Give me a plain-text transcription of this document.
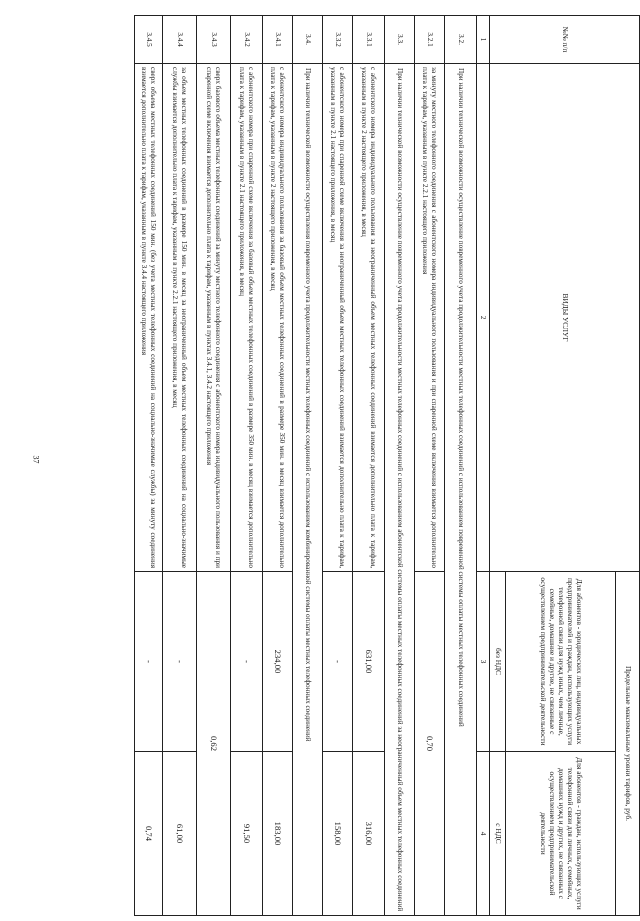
37
№№ п/п	ВИДЫ УСЛУГ	Предельные максимальные уровни тарифов, руб.	
		Для абонентов - юридических лиц, индивидуальных предпринимателей и граждан, использующих услуги телефонной связи для нужд иных, чем личные, семейные, домашние и другие, не связанные с осуществлением предпринимательской деятельности	Для абонентов - граждан, использующих услуги телефонной связи для личных, семейных, домашних нужд и других, не связанных с осуществлением предпринимательской деятельности
		без НДС	с НДС
1	2	3	4
3.2.	При наличии технической возможности осуществление повременного учета продолжительности местных телефонных соединений с использованием повременной системы оплаты местных телефонных соединений		
3.2.1	за минуту местного телефонного соединения с абонентского номера индивидуального пользования и при спаренной схеме включения взимается дополнительно плата к тарифам, указанным в пункте 2.2.1 настоящего приложения	0,70	
3.3.	При наличии технической возможности осуществление повременного учета продолжительности местных телефонных соединений с использованием абонентской системы оплаты местных телефонных соединений за неограниченный объем местных телефонных соединений		
3.3.1	с абонентского номера индивидуального пользования за неограниченный объем местных телефонных соединений взимается дополнительно плата к тарифам, указанным в пункте 2 настоящего приложения, в месяц	631,00	316,00
3.3.2	с абонентского номера при спаренной схеме включения за неограниченный объем местных телефонных соединений взимается дополнительно плата к тарифам, указанным в пункте 2.1 настоящего приложения, в месяц	-	158,00
3.4.	При наличии технической возможности осуществления повременного учета продолжительности местных телефонных соединений с использованием комбинированной системы оплаты местных телефонных соединений		
3.4.1	с абонентского номера индивидуального пользования за базовый объем местных телефонных соединений в размере 350 мин. в месяц взимается дополнительно плата к тарифам, указанным в пункте 2 настоящего приложения, в месяц	234,00	183,00
3.4.2	с абонентского номера при спаренной схеме включения за базовый объем местных телефонных соединений в размере 350 мин. в месяц взимается дополнительно плата к тарифам, указанным в пункте 2.1 настоящего приложения, в месяц	-	91,50
3.4.3	сверх базового объема местных телефонных соединений за минуту местного телефонного соединения с абонентского номера индивидуального пользования и при спаренной схеме включения взимается дополнительно плата к тарифам, указанным в пунктах 3.4.1, 3.4.2 настоящего приложения	0,62	
3.4.4	за объем местных телефонных соединений в размере 150 мин. в месяц за неограниченный объем местных телефонных соединений на социально-значимые службы взимается дополнительно плата к тарифам, указанным в пункте 2.2.1 настоящего приложения, в месяц	-	61,00
3.4.5	сверх объема местных телефонных соединений 150 мин. (без учета местных телефонных соединений на социально-значимые службы) за минуту соединения взимается дополнительно плата к тарифам, указанным в пункте 3.4.4 настоящего приложения	-	0,74
